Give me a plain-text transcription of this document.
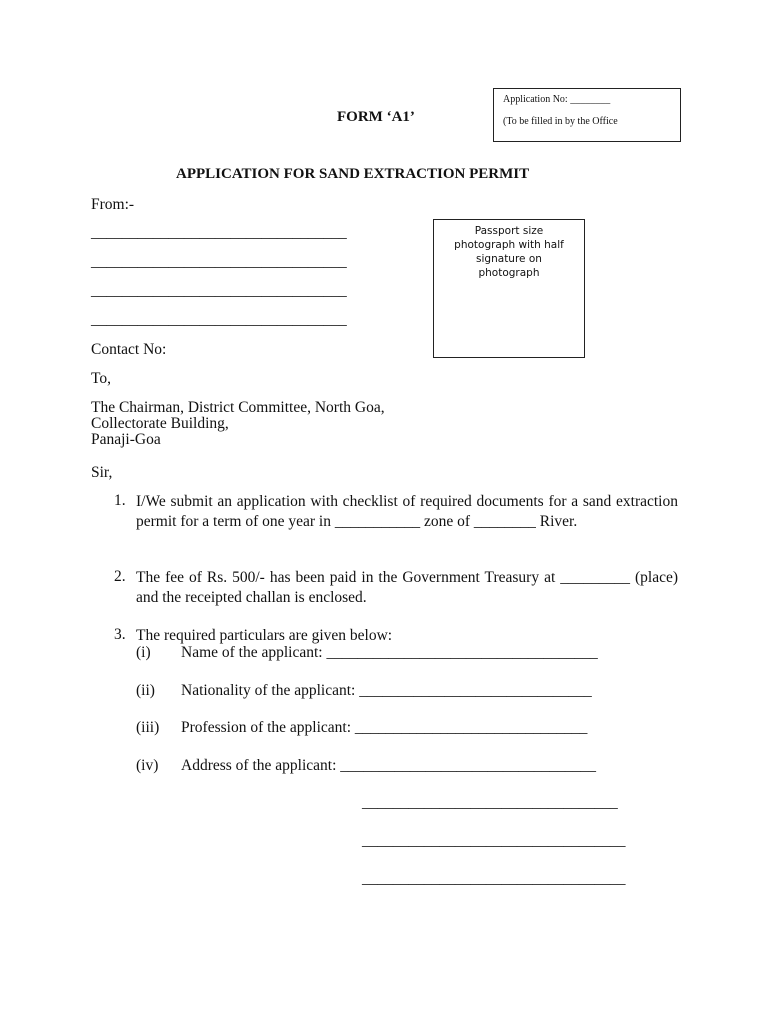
Application No: ________
(To be filled in by the Office
FORM ‘A1’
APPLICATION FOR SAND EXTRACTION PERMIT
From:-
_________________________________
_________________________________
_________________________________
_________________________________
Passport size
photograph with half
signature on
photograph
Contact No:
To,
The Chairman, District Committee, North Goa,
Collectorate Building,
Panaji-Goa
Sir,
1. I/We submit an application with checklist of required documents for a sand extraction permit for a term of one year in ___________ zone of ________ River.
2. The fee of Rs. 500/- has been paid in the Government Treasury at _________ (place) and the receipted challan is enclosed.
3. The required particulars are given below:
(i) Name of the applicant: ___________________________________
(ii) Nationality of the applicant: ______________________________
(iii) Profession of the applicant: ______________________________
(iv) Address of the applicant: _________________________________
_________________________________
__________________________________
__________________________________
